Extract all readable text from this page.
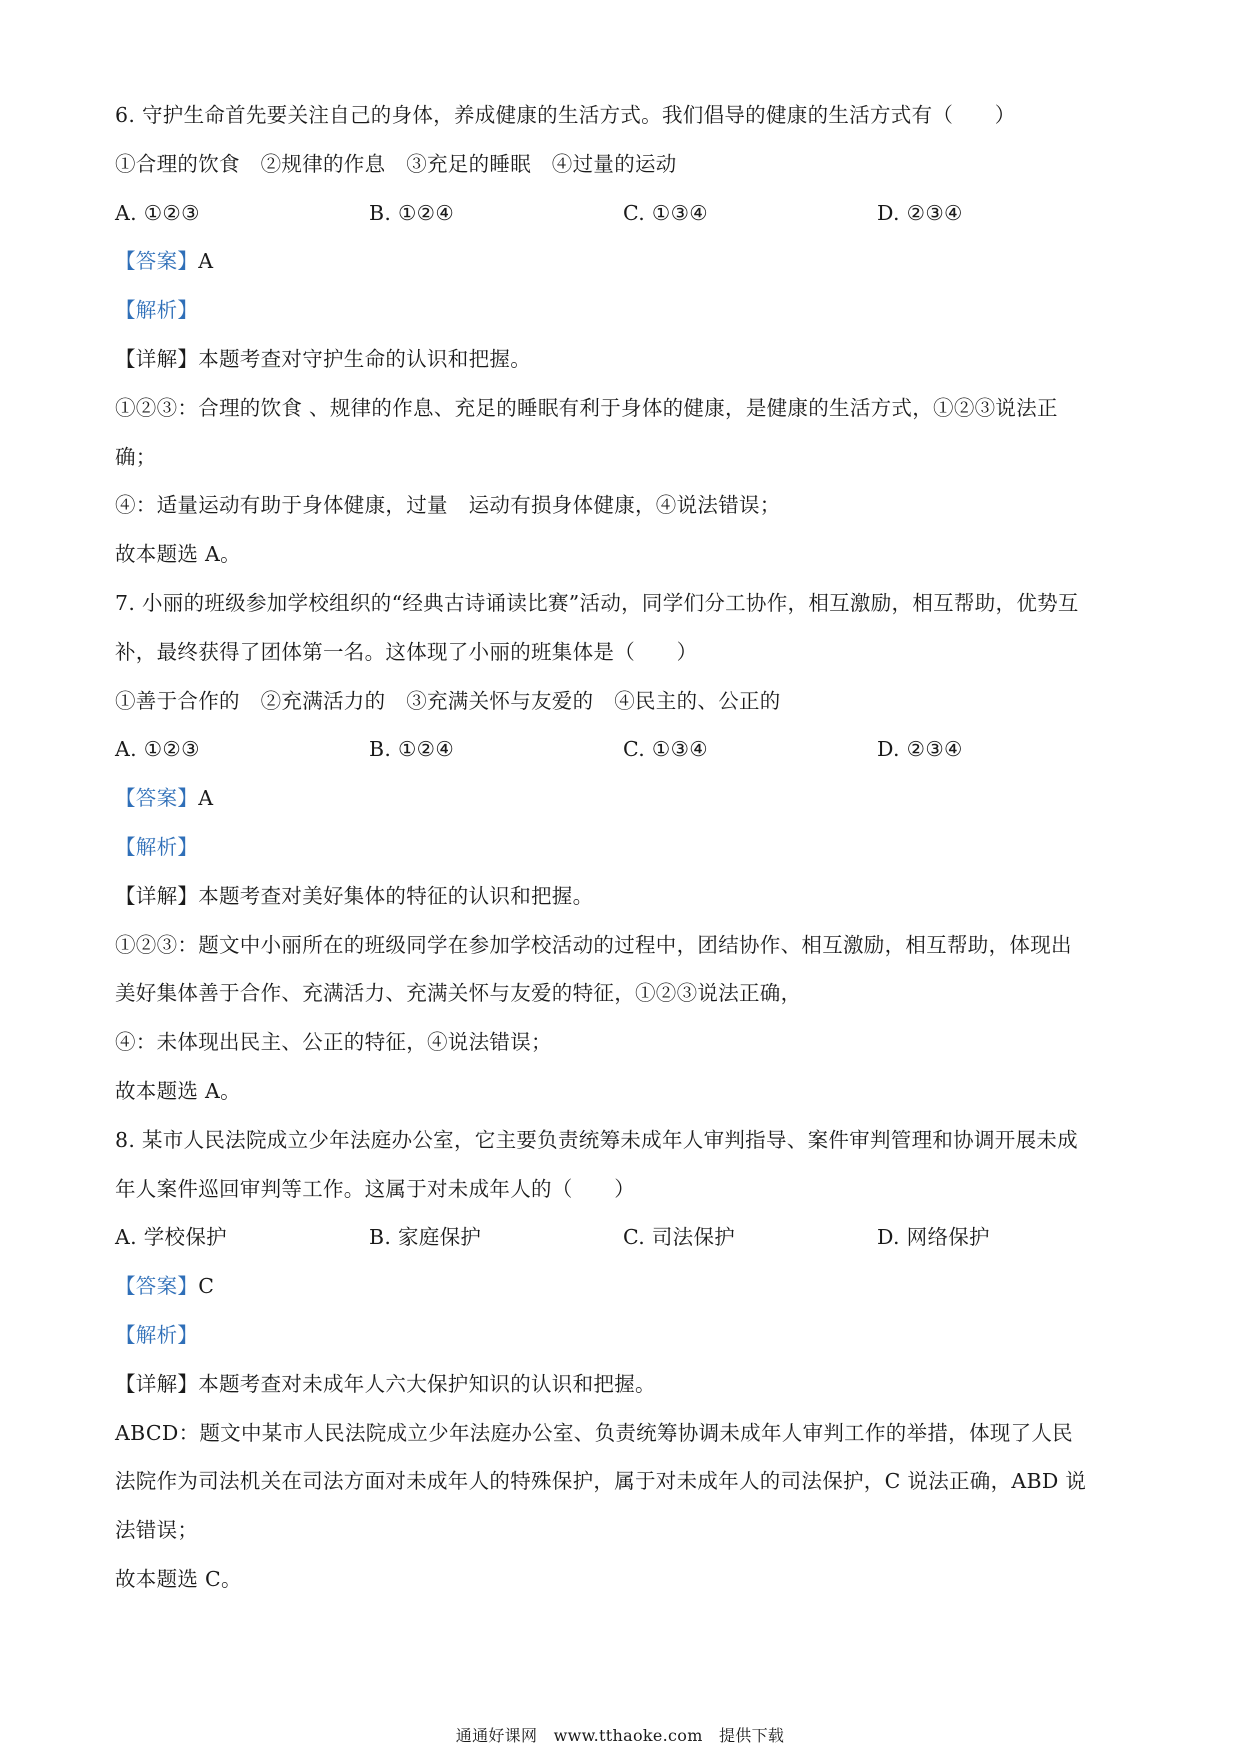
6. 守护生命首先要关注自己的身体，养成健康的生活方式。我们倡导的健康的生活方式有（　　）
①合理的饮食　②规律的作息　③充足的睡眠　④过量的运动
A. ①②③	B. ①②④	C. ①③④	D. ②③④
【答案】A
【解析】
【详解】本题考查对守护生命的认识和把握。
①②③：合理的饮食 、规律的作息、充足的睡眠有利于身体的健康，是健康的生活方式，①②③说法正
确；
④：适量运动有助于身体健康，过量　运动有损身体健康，④说法错误；
故本题选 A。
7. 小丽的班级参加学校组织的“经典古诗诵读比赛”活动，同学们分工协作，相互激励，相互帮助，优势互
补，最终获得了团体第一名。这体现了小丽的班集体是（　　）
①善于合作的　②充满活力的　③充满关怀与友爱的　④民主的、公正的
A. ①②③	B. ①②④	C. ①③④	D. ②③④
【答案】A
【解析】
【详解】本题考查对美好集体的特征的认识和把握。
①②③：题文中小丽所在的班级同学在参加学校活动的过程中，团结协作、相互激励，相互帮助，体现出
美好集体善于合作、充满活力、充满关怀与友爱的特征，①②③说法正确，
④：未体现出民主、公正的特征，④说法错误；
故本题选 A。
8. 某市人民法院成立少年法庭办公室，它主要负责统筹未成年人审判指导、案件审判管理和协调开展未成
年人案件巡回审判等工作。这属于对未成年人的（　　）
A. 学校保护	B. 家庭保护	C. 司法保护	D. 网络保护
【答案】C
【解析】
【详解】本题考查对未成年人六大保护知识的认识和把握。
ABCD：题文中某市人民法院成立少年法庭办公室、负责统筹协调未成年人审判工作的举措，体现了人民
法院作为司法机关在司法方面对未成年人的特殊保护，属于对未成年人的司法保护，C 说法正确，ABD 说
法错误；
故本题选 C。
通通好课网　www.tthaoke.com　提供下载
